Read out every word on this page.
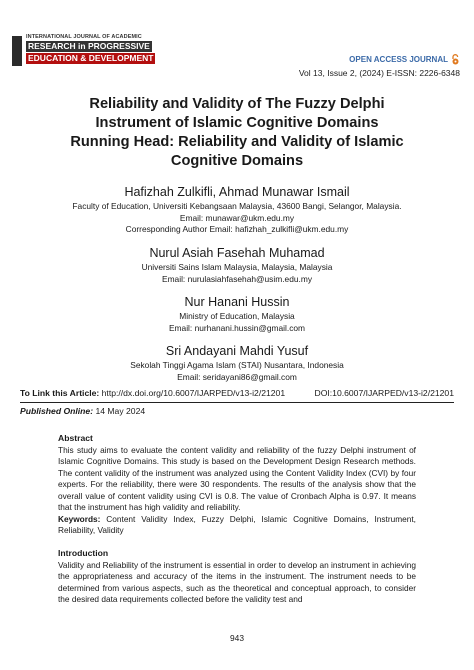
INTERNATIONAL JOURNAL OF ACADEMIC
RESEARCH in PROGRESSIVE
EDUCATION & DEVELOPMENT	OPEN ACCESS JOURNAL
Vol 13, Issue 2, (2024) E-ISSN: 2226-6348
Reliability and Validity of The Fuzzy Delphi
Instrument of Islamic Cognitive Domains
Running Head: Reliability and Validity of Islamic
Cognitive Domains
Hafizhah Zulkifli, Ahmad Munawar Ismail
Faculty of Education, Universiti Kebangsaan Malaysia, 43600 Bangi, Selangor, Malaysia.
Email: munawar@ukm.edu.my
Corresponding Author Email: hafizhah_zulkifli@ukm.edu.my
Nurul Asiah Fasehah Muhamad
Universiti Sains Islam Malaysia, Malaysia, Malaysia
Email: nurulasiahfasehah@usim.edu.my
Nur Hanani Hussin
Ministry of Education, Malaysia
Email: nurhanani.hussin@gmail.com
Sri Andayani Mahdi Yusuf
Sekolah Tinggi Agama Islam (STAI) Nusantara, Indonesia
Email: seridayani86@gmail.com
To Link this Article: http://dx.doi.org/10.6007/IJARPED/v13-i2/21201	DOI:10.6007/IJARPED/v13-i2/21201
Published Online: 14 May 2024
Abstract

This study aims to evaluate the content validity and reliability of the fuzzy Delphi instrument of Islamic Cognitive Domains. This study is based on the Development Design Research methods. The content validity of the instrument was analyzed using the Content Validity Index (CVI) by four experts. For the reliability, there were 30 respondents. The results of the analysis show that the overall value of content validity using CVI is 0.8. The value of Cronbach Alpha is 0.97. It means that the instrument has high validity and reliability.

Keywords: Content Validity Index, Fuzzy Delphi, Islamic Cognitive Domains, Instrument, Reliability, Validity

Introduction

Validity and Reliability of the instrument is essential in order to develop an instrument in achieving the appropriateness and accuracy of the items in the instrument. The instrument needs to be determined from various aspects, such as the theoretical and conceptual approach, to consider the desired data requirements collected before the validity test and

943
